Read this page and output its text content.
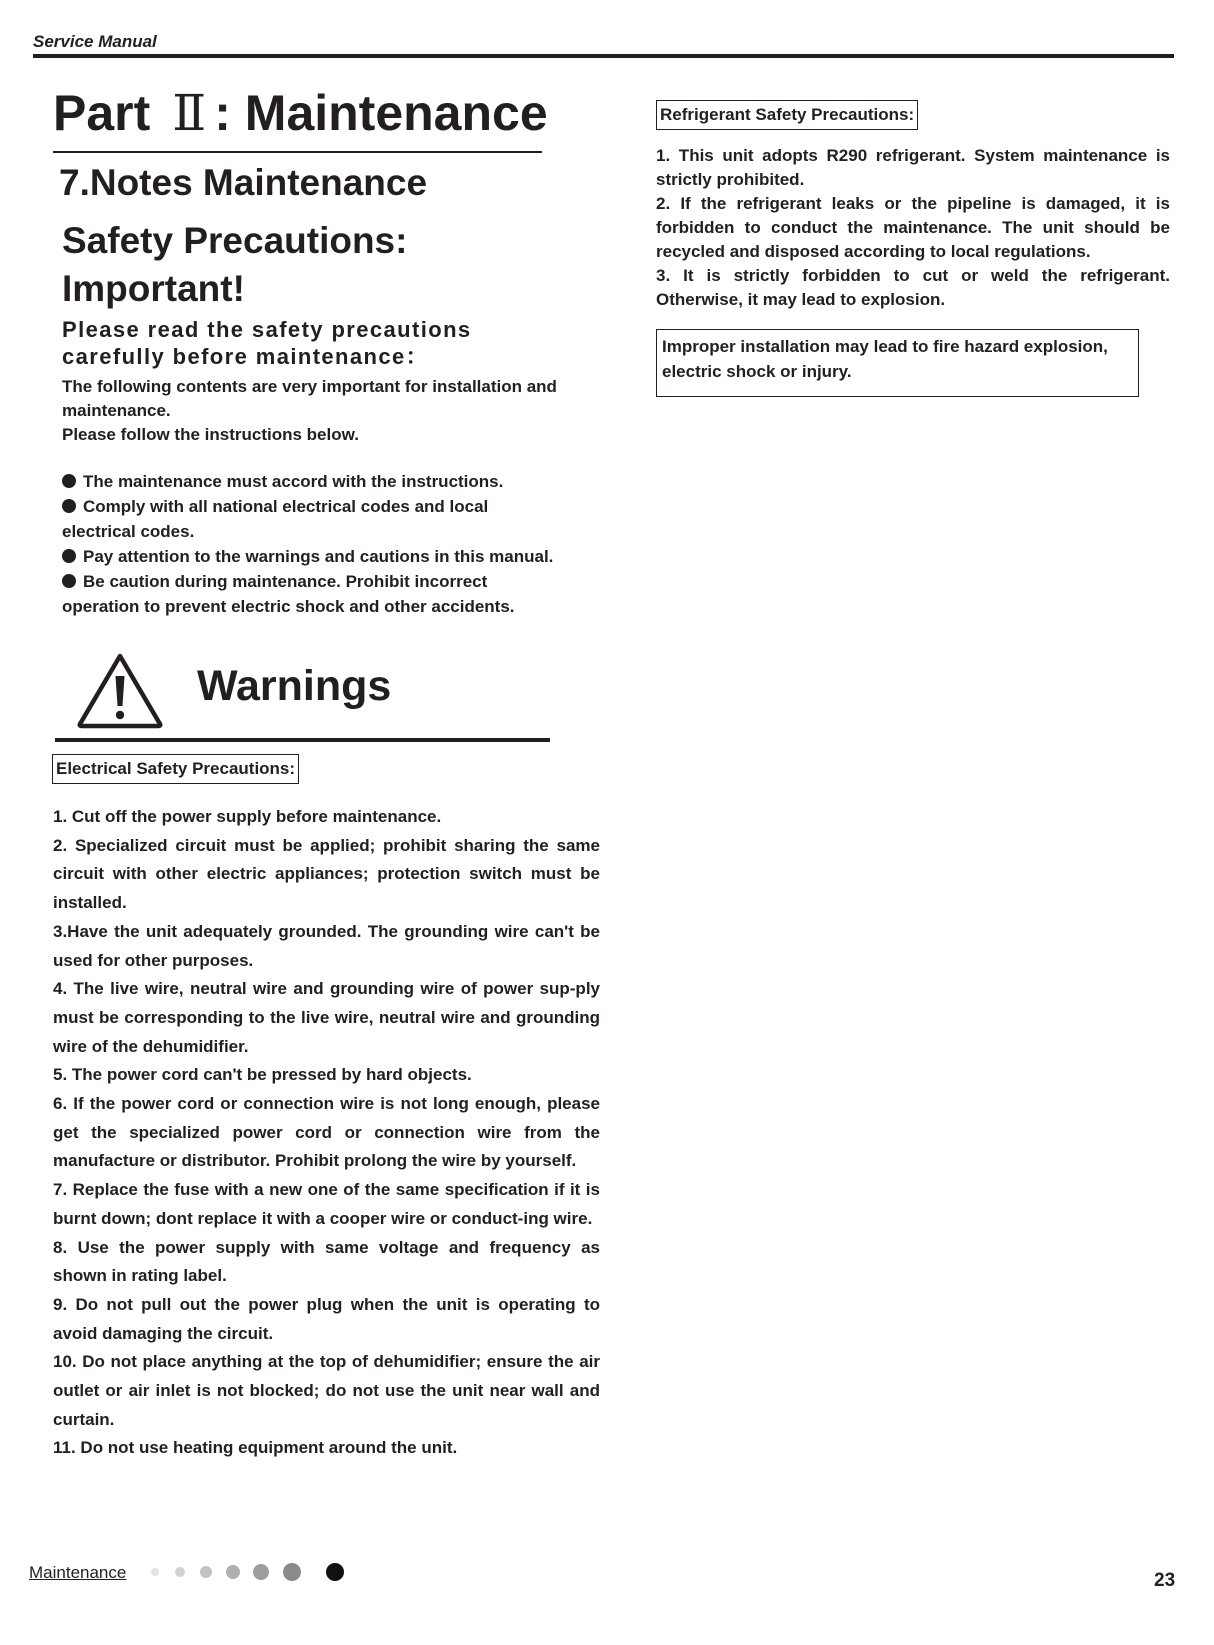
Service Manual
Part Ⅱ : Maintenance
7.Notes Maintenance
Safety Precautions:
Important!
Please read the safety precautions carefully before maintenance：
The following contents are very important for installation and maintenance.
Please follow the instructions below.
The maintenance must accord with the instructions.
Comply with all national electrical codes and local electrical codes.
Pay attention to the warnings and cautions in this manual.
Be caution during maintenance. Prohibit incorrect operation to prevent electric shock and other accidents.
Warnings
Electrical Safety Precautions:
1. Cut off the power supply before maintenance.
2. Specialized circuit must be applied; prohibit sharing the same circuit with other electric appliances; protection switch must be installed.
3.Have the unit adequately grounded. The grounding wire can't be used for other purposes.
4. The live wire, neutral wire and grounding wire of power sup-ply must be corresponding to the live wire, neutral wire and grounding wire of the dehumidifier.
5. The power cord can't be pressed by hard objects.
6. If the power cord or connection wire is not long enough, please get the specialized power cord or connection wire from the manufacture or distributor. Prohibit prolong the wire by yourself.
7. Replace the fuse with a new one of the same specification if it is burnt down; dont replace it with a cooper wire or conduct-ing wire.
8. Use the power supply with same voltage and frequency as shown in rating label.
9. Do not pull out the power plug when the unit is operating to avoid damaging the circuit.
10. Do not place anything at the top of dehumidifier; ensure the air outlet or air inlet is not blocked; do not use the unit near wall and curtain.
11. Do not use heating equipment around the unit.
Refrigerant Safety Precautions:
1. This unit adopts R290 refrigerant. System maintenance is strictly prohibited.
2. If the refrigerant leaks or the pipeline is damaged, it is forbidden to conduct the maintenance. The unit should be recycled and disposed according to local regulations.
3. It is strictly forbidden to cut or weld the refrigerant. Otherwise, it may lead to explosion.
Improper installation may lead to fire hazard explosion, electric shock or injury.
Maintenance	23
